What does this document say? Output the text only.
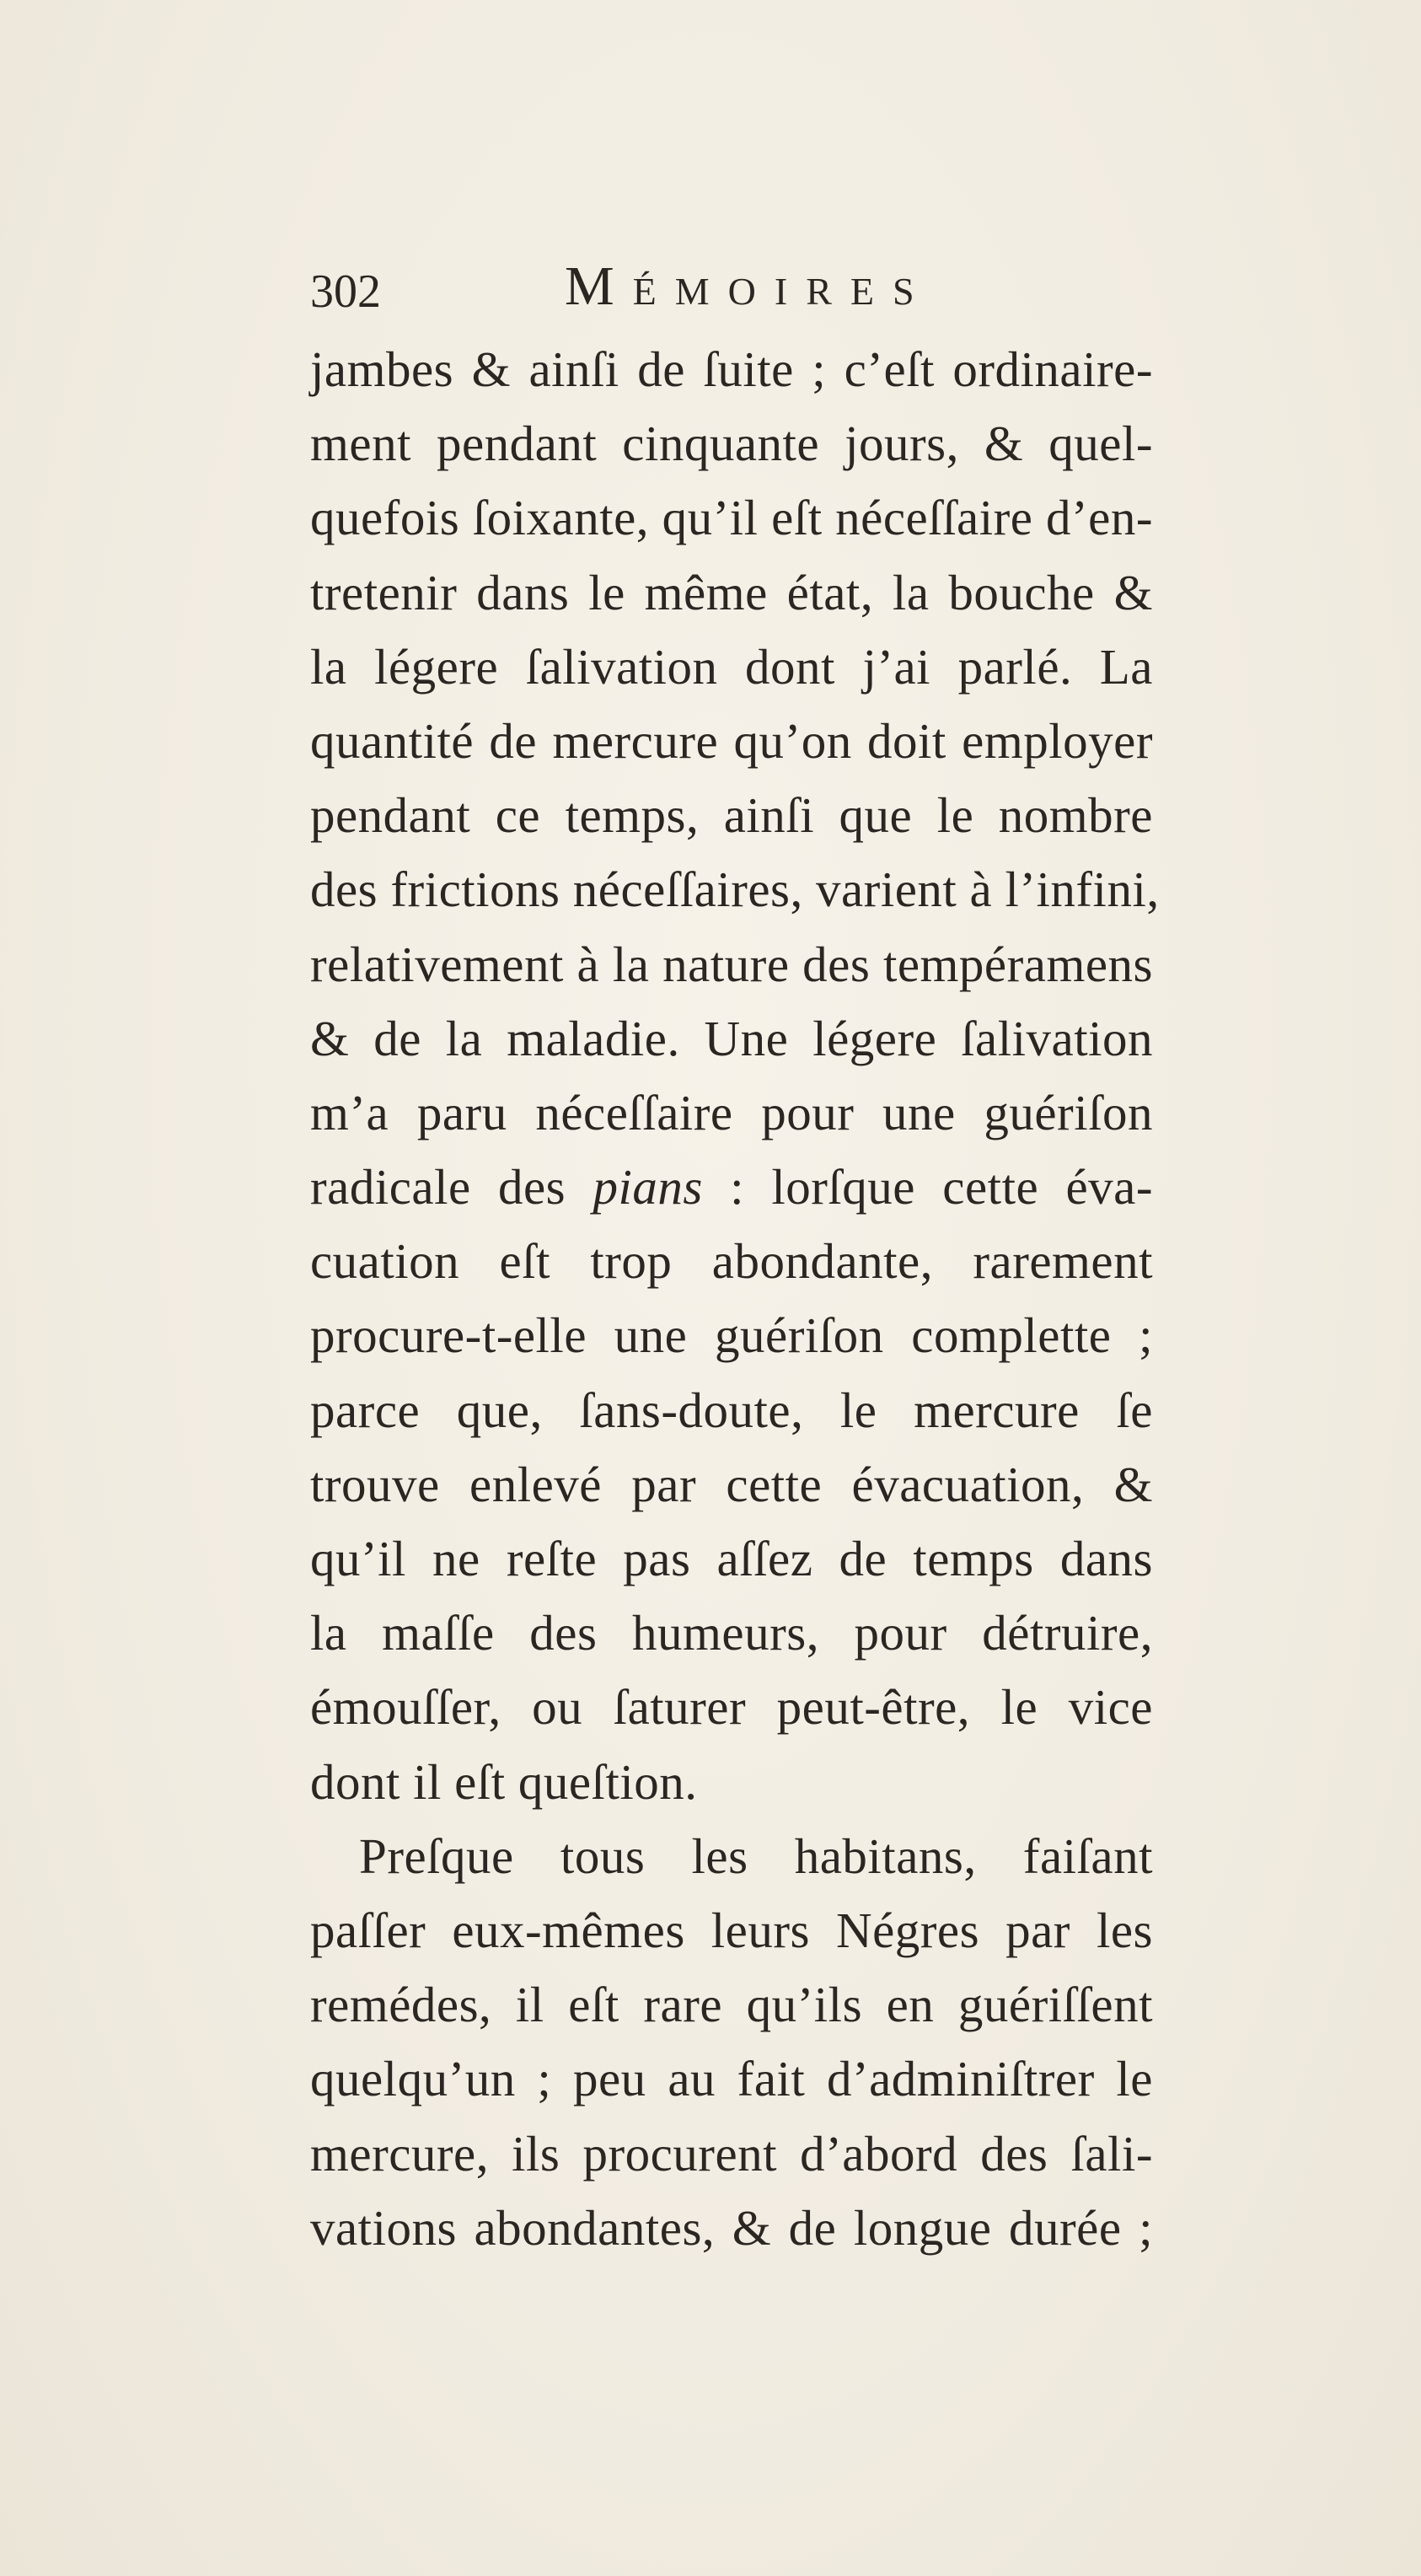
302	Mémoires
jambes & ainſi de ſuite ; c’eſt ordinaire-
ment pendant cinquante jours, & quel-
quefois ſoixante, qu’il eſt néceſſaire d’en-
tretenir dans le même état, la bouche &
la légere ſalivation dont j’ai parlé. La
quantité de mercure qu’on doit employer
pendant ce temps, ainſi que le nombre
des frictions néceſſaires, varient à l’infini,
relativement à la nature des tempéramens
& de la maladie. Une légere ſalivation
m’a paru néceſſaire pour une guériſon
radicale des pians : lorſque cette éva-
cuation eſt trop abondante, rarement
procure-t-elle une guériſon complette ;
parce que, ſans-doute, le mercure ſe
trouve enlevé par cette évacuation, &
qu’il ne reſte pas aſſez de temps dans
la maſſe des humeurs, pour détruire,
émouſſer, ou ſaturer peut-être, le vice
dont il eſt queſtion.
Preſque tous les habitans, faiſant
paſſer eux-mêmes leurs Négres par les
remédes, il eſt rare qu’ils en guériſſent
quelqu’un ; peu au fait d’adminiſtrer le
mercure, ils procurent d’abord des ſali-
vations abondantes, & de longue durée ;
